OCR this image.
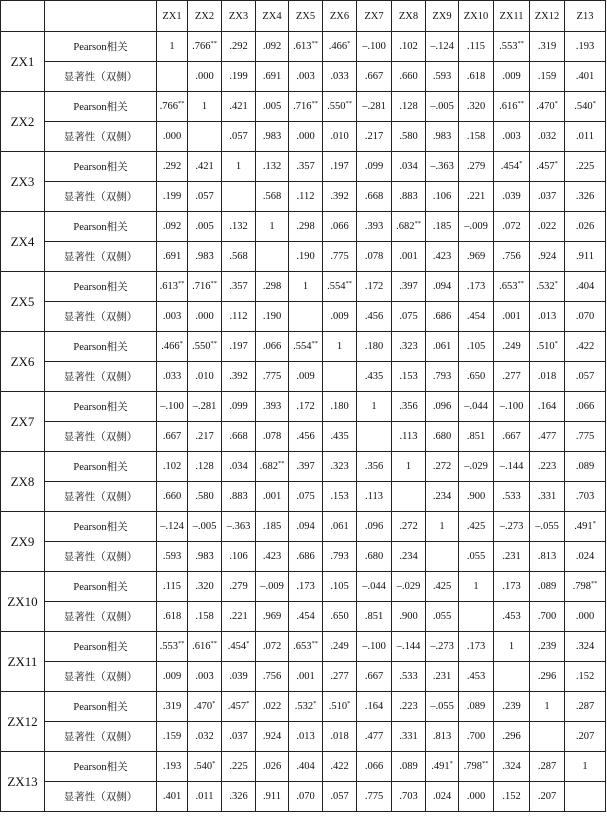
		ZX1	ZX2	ZX3	ZX4	ZX5	ZX6	ZX7	ZX8	ZX9	ZX10	ZX11	ZX12	Z13
ZX1	Pearson相关	1	.766**	.292	.092	.613**	.466*	–.100	.102	–.124	.115	.553**	.319	.193
	显著性（双侧）		.000	.199	.691	.003	.033	.667	.660	.593	.618	.009	.159	.401
ZX2	Pearson相关	.766**	1	.421	.005	.716**	.550**	–.281	.128	–.005	.320	.616**	.470*	.540*
	显著性（双侧）	.000		.057	.983	.000	.010	.217	.580	.983	.158	.003	.032	.011
ZX3	Pearson相关	.292	.421	1	.132	.357	.197	.099	.034	–.363	.279	.454*	.457*	.225
	显著性（双侧）	.199	.057		.568	.112	.392	.668	.883	.106	.221	.039	.037	.326
ZX4	Pearson相关	.092	.005	.132	1	.298	.066	.393	.682**	.185	–.009	.072	.022	.026
	显著性（双侧）	.691	.983	.568		.190	.775	.078	.001	.423	.969	.756	.924	.911
ZX5	Pearson相关	.613**	.716**	.357	.298	1	.554**	.172	.397	.094	.173	.653**	.532*	.404
	显著性（双侧）	.003	.000	.112	.190		.009	.456	.075	.686	.454	.001	.013	.070
ZX6	Pearson相关	.466*	.550**	.197	.066	.554**	1	.180	.323	.061	.105	.249	.510*	.422
	显著性（双侧）	.033	.010	.392	.775	.009		.435	.153	.793	.650	.277	.018	.057
ZX7	Pearson相关	–.100	–.281	.099	.393	.172	.180	1	.356	.096	–.044	–.100	.164	.066
	显著性（双侧）	.667	.217	.668	.078	.456	.435		.113	.680	.851	.667	.477	.775
ZX8	Pearson相关	.102	.128	.034	.682**	.397	.323	.356	1	.272	–.029	–.144	.223	.089
	显著性（双侧）	.660	.580	.883	.001	.075	.153	.113		.234	.900	.533	.331	.703
ZX9	Pearson相关	–.124	–.005	–.363	.185	.094	.061	.096	.272	1	.425	–.273	–.055	.491*
	显著性（双侧）	.593	.983	.106	.423	.686	.793	.680	.234		.055	.231	.813	.024
ZX10	Pearson相关	.115	.320	.279	–.009	.173	.105	–.044	–.029	.425	1	.173	.089	.798**
	显著性（双侧）	.618	.158	.221	.969	.454	.650	.851	.900	.055		.453	.700	.000
ZX11	Pearson相关	.553**	.616**	.454*	.072	.653**	.249	–.100	–.144	–.273	.173	1	.239	.324
	显著性（双侧）	.009	.003	.039	.756	.001	.277	.667	.533	.231	.453		.296	.152
ZX12	Pearson相关	.319	.470*	.457*	.022	.532*	.510*	.164	.223	–.055	.089	.239	1	.287
	显著性（双侧）	.159	.032	.037	.924	.013	.018	.477	.331	.813	.700	.296		.207
ZX13	Pearson相关	.193	.540*	.225	.026	.404	.422	.066	.089	.491*	.798**	.324	.287	1
	显著性（双侧）	.401	.011	.326	.911	.070	.057	.775	.703	.024	.000	.152	.207	
